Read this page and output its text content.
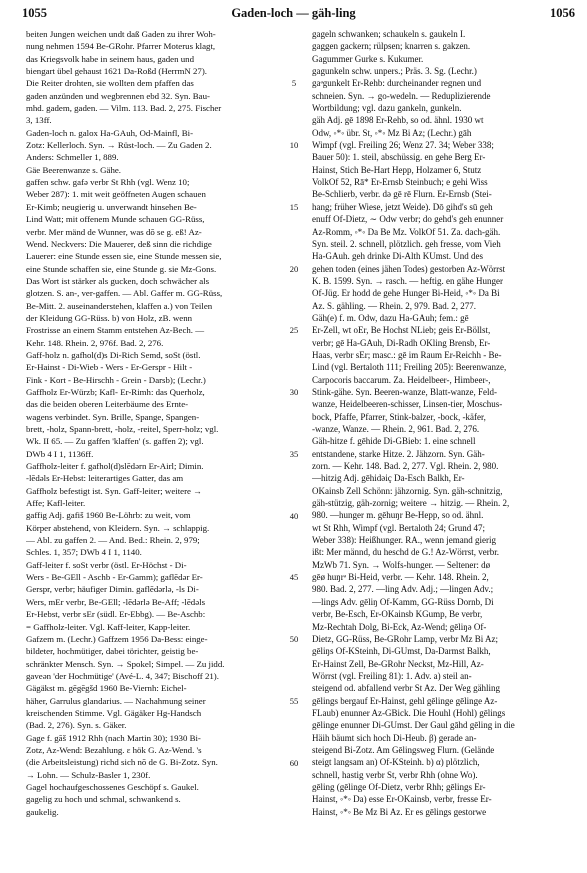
1055	Gaden-loch — gäh-ling	1056
beiten Jungen weichen undt daß Gaden zu ihrer Woh-
nung nehmen 1594 Be-GRohr. Pfarrer Moterus klagt,
das Kriegsvolk habe in seinem haus, gaden und
biengart übel gehaust 1621 Da-Roßd (HerrmN 27).
Die Reiter drohten, sie wollten dem pfaffen das
gaden anzünden und wegbrennen ebd 32. Syn. Bau-
mhd. gadem, gaden. — Vilm. 113. Bad. 2, 275. Fischer
3, 13ff.
Gaden-loch n. galox Ha-GAuh, Od-Mainfl, Bi-
Zotz: Kellerloch. Syn. → Rüst-loch. — Zu Gaden 2.
Anders: Schmeller 1, 889.
Gäe Beerenwanze s. Gähe.
gaffen schw. gafə verbr St Rhh (vgl. Wenz 10;
Weber 287): 1. mit weit geöffneten Augen schauen
Er-Kimb; neugierig u. unverwandt hinsehen Be-
Lind Watt; mit offenem Munde schauen GG-Rüss,
verbr. Mer mänd de Wunner, was dō se g. eß! Az-
Wend. Neckvers: Die Mauerer, deß sinn die richdige
Lauerer: eine Stunde essen sie, eine Stunde messen sie,
eine Stunde schaffen sie, eine Stunde g. sie Mz-Gons.
Das Wort ist stärker als gucken, doch schwächer als
glotzen. S. an-, ver-gaffen. — Abl. Gaffer m. GG-Rüss,
Be-Mitt. 2. auseinanderstehen, klaffen a.) von Teilen
der Kleidung GG-Rüss. b) von Holz, zB. wenn
Frostrisse an einem Stamm entstehen Az-Bech. —
Kehr. 148. Rhein. 2, 976f. Bad. 2, 276.
Gaff-holz n. gafhol(d)s Di-Rich Semd, soSt (östl.
Er-Hainst - Di-Wieb - Wers - Er-Gerspr - Hilt -
Fink - Kort - Be-Hirschh - Grein - Darsb); (Lechr.)
Gaffholz Er-Würzb; Kafl- Er-Rimh: das Querholz,
das die beiden oberen Leiterbäume des Ernte-
wagens verbindet. Syn. Brille, Spange, Spangen-
brett, -holz, Spann-brett, -holz, -reitel, Sperr-holz; vgl.
Wk. II 65. — Zu gaffen 'klaffen' (s. gaffen 2); vgl.
DWb 4 I 1, 1136ff.
Gaffholz-leiter f. gafhol(d)slēdərn Er-Airl; Dimin.
-lēdəls Er-Hebst: leiterartiges Gatter, das am
Gaffholz befestigt ist. Syn. Gaff-leiter; weitere →
Affe; Kafl-leiter.
gaffig Adj. gafiš 1960 Be-Löhrb: zu weit, vom
Körper abstehend, von Kleidern. Syn. → schlappig.
— Abl. zu gaffen 2. — And. Bed.: Rhein. 2, 979;
Schles. 1, 357; DWb 4 I 1, 1140.
Gaff-leiter f. soSt verbr (östl. Er-Höchst - Di-
Wers - Be-GEll - Aschb - Er-Gamm); gaflēdər Er-
Gerspr, verbr; häufiger Dimin. gaflēdərlə, -ls Di-
Wers, mEr verbr, Be-GEll; -lēdərlə Be-Aff; -lēdəls
Er-Hebst, verbr sEr (südl. Er-Ebbg). — Be-Aschb:
= Gaffholz-leiter. Vgl. Kaff-leiter, Kapp-leiter.
Gafzem m. (Lechr.) Gaffzem 1956 Da-Bess: einge-
bildeter, hochmütiger, dabei törichter, geistig be-
schränkter Mensch. Syn. → Spokel; Simpel. — Zu jidd.
gaveən 'der Hochmütige' (Avé-L. 4, 347; Bischoff 21).
Gägäkst m. gēgēgšd 1960 Be-Viernh: Eichel-
häher, Garrulus glandarius. — Nachahmung seiner
kreischenden Stimme. Vgl. Gägäker Hg-Handsch
(Bad. 2, 276). Syn. s. Gäker.
Gage f. gāš 1912 Rhh (nach Martin 30); 1930 Bi-
Zotz, Az-Wend: Bezahlung. ε hök G. Az-Wend. 's
(die Arbeitsleistung) richd sich nō de G. Bi-Zotz. Syn.
→ Lohn. — Schulz-Basler 1, 230f.
Gagel hochaufgeschossenes Geschöpf s. Gaukel.
gagelig zu hoch und schmal, schwankend s.
gaukelig.
5
10
15
20
25
30
35
40
45
50
55
60
gageln schwanken; schaukeln s. gaukeln I.
gaggen gackern; rülpsen; knarren s. gakzen.
Gagummer Gurke s. Kukumer.
gagunkeln schw. unpers.; Präs. 3. Sg. (Lechr.)
gaᵊgunkelt Er-Rehb: durcheinander regnen und
schneien. Syn. → go-wedeln. — Reduplizierende
Wortbildung; vgl. dazu gankeln, gunkeln.
gäh Adj. gē 1898 Er-Rehb, so od. ähnl. 1930 wt
Odw, ◦*◦ übr. St, ◦*◦ Mz Bi Az; (Lechr.) gāh
Wimpf (vgl. Freiling 26; Wenz 27. 34; Weber 338;
Bauer 50): 1. steil, abschüssig. en gehe Berg Er-
Hainst, Stich Be-Hart Hepp, Holzamer 6, Stutz
VolkOf 52, Rā* Er-Ernsb Steinbuch; e gehi Wiss
Be-Schlierb, verbr. də gē rē Flurn. Er-Ernsb (Stei-
hang; früher Wiese, jetzt Weide). Dō gihd's sū geh
enuff Of-Dietz, ∼ Odw verbr; do gehd's geh enunner
Az-Romm, ◦*◦ Da Be Mz. VolkOf 51. Za. dach-gäh.
Syn. steil. 2. schnell, plötzlich. geh fresse, vom Vieh
Ha-GAuh. geh drinke Di-Alth KUmst. Und des
gehen toden (eines jähen Todes) gestorben Az-Wörrst
K. B. 1599. Syn. → rasch. — heftig. en gähe Hunger
Of-Jüg. Er hodd de gehe Hunger Bi-Heid, ◦*◦ Da Bi
Az. S. gähling. — Rhein. 2, 979. Bad. 2, 277.
Gäh(e) f. m. Odw, dazu Ha-GAuh; fem.: gē
Er-Zell, wt oEr, Be Hochst NLieb; geis Er-Böllst,
verbr; gē Ha-GAuh, Di-Radh OKling Brensb, Er-
Haas, verbr sEr; masc.: gē im Raum Er-Reichh - Be-
Lind (vgl. Bertaloth 111; Freiling 205): Beerenwanze,
Carpocoris baccarum. Za. Heidelbeer-, Himbeer-,
Stink-gähe. Syn. Beeren-wanze, Blatt-wanze, Feld-
wanze, Heidelbeeren-schisser, Linsen-tier, Moschus-
bock, Pfaffe, Pfarrer, Stink-balzer, -bock, -käfer,
-wanze, Wanze. — Rhein. 2, 961. Bad. 2, 276.
Gäh-hitze f. gēhide Di-GBieb: 1. eine schnell
entstandene, starke Hitze. 2. Jähzorn. Syn. Gäh-
zorn. — Kehr. 148. Bad. 2, 277. Vgl. Rhein. 2, 980.
—hitzig Adj. gēhidəiç Da-Esch Balkh, Er-
OKainsb Zell Schönn: jähzornig. Syn. gäh-schnitzig,
gäh-stützig, gäh-zornig; weitere → hitzig. — Rhein. 2,
980. —hunger m. gēhuŋr Be-Hepp, so od. ähnl.
wt St Rhh, Wimpf (vgl. Bertaloth 24; Grund 47;
Weber 338): Heißhunger. RA., wenn jemand gierig
ißt: Mer männd, du heschd de G.! Az-Wörrst, verbr.
MzWb 71. Syn. → Wolfs-hunger. — Seltener: dø
gēø huŋrᵊ Bi-Heid, verbr. — Kehr. 148. Rhein. 2,
980. Bad. 2, 277. —ling Adv. Adj.; —lingen Adv.;
—lings Adv. gēliŋ Of-Kamm, GG-Rüss Dornb, Di
verbr, Be-Esch, Er-OKainsb KGump, Be verbr,
Mz-Rechtah Dolg, Bi-Eck, Az-Wend; gēliŋə Of-
Dietz, GG-Rüss, Be-GRohr Lamp, verbr Mz Bi Az;
gēliŋs Of-KSteinh, Di-GUmst, Da-Darmst Balkh,
Er-Hainst Zell, Be-GRohr Neckst, Mz-Hill, Az-
Wörrst (vgl. Freiling 81): 1. Adv. a) steil an-
steigend od. abfallend verbr St Az. Der Weg gähling
gēlings bergauf Er-Hainst, gehl gēlinge gēlinge Az-
FLaub) enunner Az-GBick. Die Houhl (Hohl) gēlings
gēlinge enunner Di-GUmst. Der Gaul gāhd gēling in die
Häih bäumt sich hoch Di-Heub. β) gerade an-
steigend Bi-Zotz. Am Gēlingsweg Flurn. (Gelände
steigt langsam an) Of-KSteinh. b) α) plötzlich,
schnell, hastig verbr St, verbr Rhh (ohne Wo).
gēling (gēlinge Of-Dietz, verbr Rhh; gēlings Er-
Hainst, ◦*◦ Da) esse Er-OKainsb, verbr, fresse Er-
Hainst, ◦*◦ Be Mz Bi Az. Er es gēlings gestorwe
